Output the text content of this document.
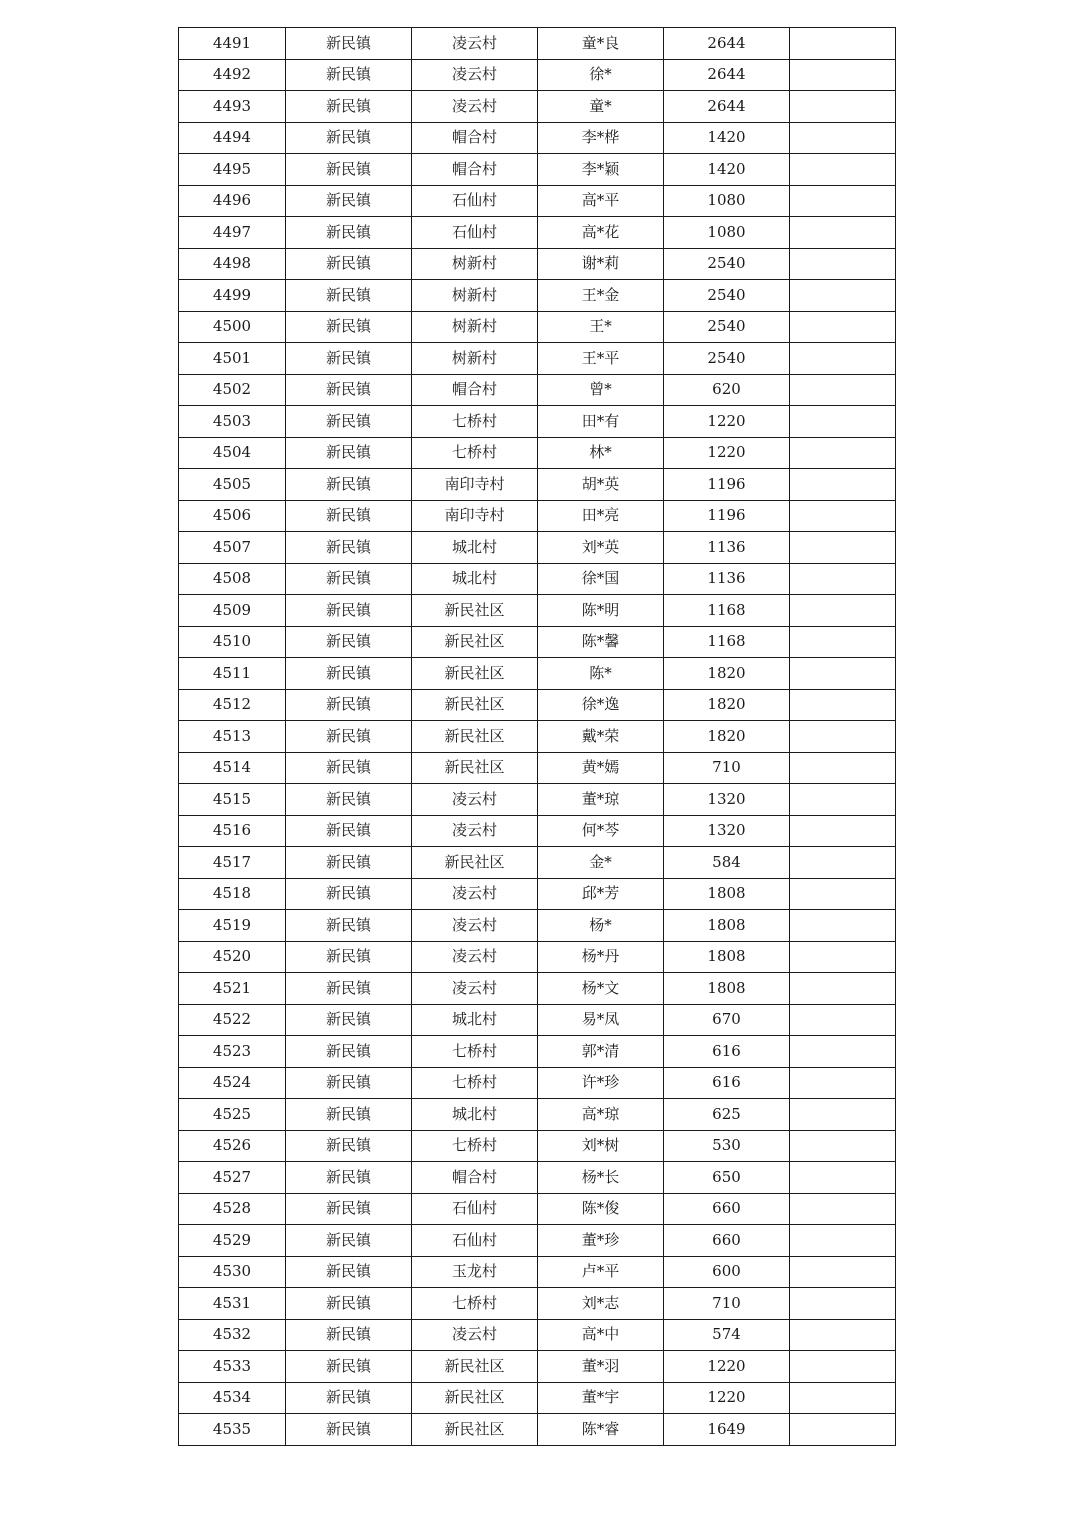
4491	新民镇	凌云村	童*良	2644	
4492	新民镇	凌云村	徐*	2644	
4493	新民镇	凌云村	童*	2644	
4494	新民镇	帽合村	李*桦	1420	
4495	新民镇	帽合村	李*颖	1420	
4496	新民镇	石仙村	高*平	1080	
4497	新民镇	石仙村	高*花	1080	
4498	新民镇	树新村	谢*莉	2540	
4499	新民镇	树新村	王*金	2540	
4500	新民镇	树新村	王*	2540	
4501	新民镇	树新村	王*平	2540	
4502	新民镇	帽合村	曾*	620	
4503	新民镇	七桥村	田*有	1220	
4504	新民镇	七桥村	林*	1220	
4505	新民镇	南印寺村	胡*英	1196	
4506	新民镇	南印寺村	田*亮	1196	
4507	新民镇	城北村	刘*英	1136	
4508	新民镇	城北村	徐*国	1136	
4509	新民镇	新民社区	陈*明	1168	
4510	新民镇	新民社区	陈*馨	1168	
4511	新民镇	新民社区	陈*	1820	
4512	新民镇	新民社区	徐*逸	1820	
4513	新民镇	新民社区	戴*荣	1820	
4514	新民镇	新民社区	黄*嫣	710	
4515	新民镇	凌云村	董*琼	1320	
4516	新民镇	凌云村	何*芩	1320	
4517	新民镇	新民社区	金*	584	
4518	新民镇	凌云村	邱*芳	1808	
4519	新民镇	凌云村	杨*	1808	
4520	新民镇	凌云村	杨*丹	1808	
4521	新民镇	凌云村	杨*文	1808	
4522	新民镇	城北村	易*凤	670	
4523	新民镇	七桥村	郭*清	616	
4524	新民镇	七桥村	许*珍	616	
4525	新民镇	城北村	高*琼	625	
4526	新民镇	七桥村	刘*树	530	
4527	新民镇	帽合村	杨*长	650	
4528	新民镇	石仙村	陈*俊	660	
4529	新民镇	石仙村	董*珍	660	
4530	新民镇	玉龙村	卢*平	600	
4531	新民镇	七桥村	刘*志	710	
4532	新民镇	凌云村	高*中	574	
4533	新民镇	新民社区	董*羽	1220	
4534	新民镇	新民社区	董*宇	1220	
4535	新民镇	新民社区	陈*睿	1649	
